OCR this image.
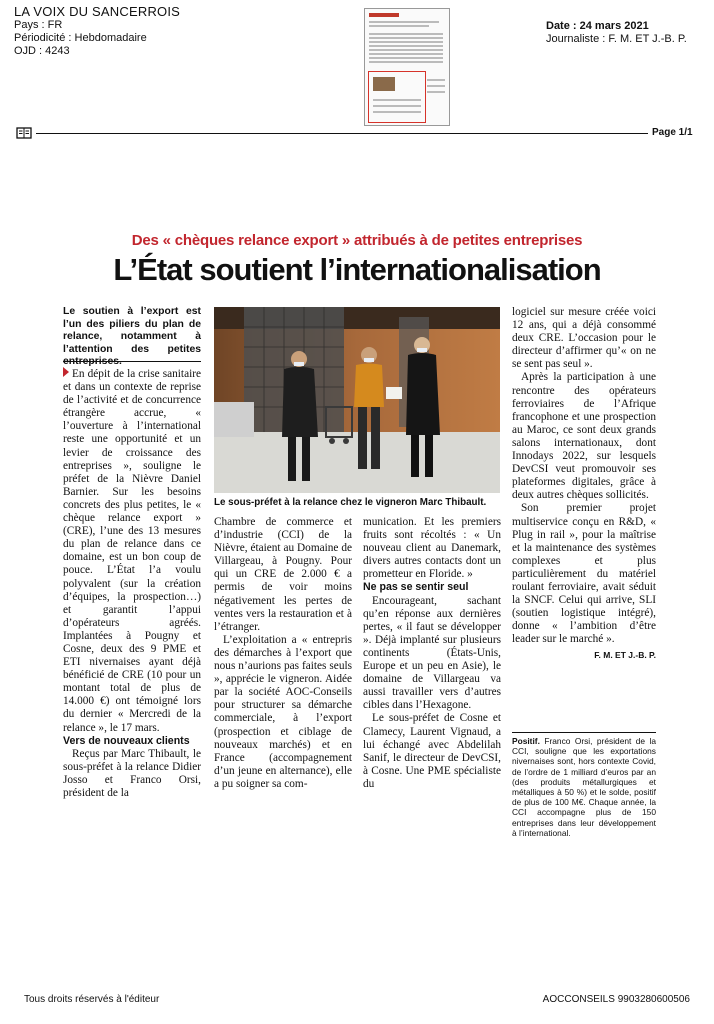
LA VOIX DU SANCERROIS
Pays : FR
Périodicité : Hebdomadaire
OJD : 4243
Date : 24 mars 2021
Journaliste : F. M. ET J.-B. P.
Page 1/1
Des « chèques relance export » attribués à de petites entreprises
L’État soutient l’internationalisation
Le soutien à l’export est l’un des piliers du plan de relance, notamment à l’attention des petites entreprises.

En dépit de la crise sanitaire et dans un contexte de reprise de l’activité et de concurrence étrangère accrue, « l’ouverture à l’international reste une opportunité et un levier de croissance des entreprises », souligne le préfet de la Nièvre Daniel Barnier. Sur les besoins concrets des plus petites, le « chèque relance export » (CRE), l’une des 13 mesures du plan de relance dans ce domaine, est un bon coup de pouce. L’État l’a voulu polyvalent (sur la création d’équipes, la prospection…) et garantit l’appui d’opérateurs agréés. Implantées à Pougny et Cosne, deux des 9 PME et ETI nivernaises ayant déjà bénéficié de CRE (10 pour un montant total de plus de 14.000 €) ont témoigné lors du dernier « Mercredi de la relance », le 17 mars.

Vers de nouveaux clients

Reçus par Marc Thibault, le sous-préfet à la relance Didier Josso et Franco Orsi, président de la

Le sous-préfet à la relance chez le vigneron Marc Thibault.

Chambre de commerce et d’industrie (CCI) de la Nièvre, étaient au Domaine de Villargeau, à Pougny. Pour qui un CRE de 2.000 € a permis de voir moins négativement les pertes de ventes vers la restauration et à l’étranger.

L’exploitation a « entrepris des démarches à l’export que nous n’aurions pas faites seuls », apprécie le vigneron. Aidée par la société AOC-Conseils pour structurer sa démarche commerciale, à l’export (prospection et ciblage de nouveaux marchés) et en France (accompagnement d’un jeune en alternance), elle a pu soigner sa com-

munication. Et les premiers fruits sont récoltés : « Un nouveau client au Danemark, divers autres contacts dont un prometteur en Floride. »

Ne pas se sentir seul

Encourageant, sachant qu’en réponse aux dernières pertes, « il faut se développer ». Déjà implanté sur plusieurs continents (États-Unis, Europe et un peu en Asie), le domaine de Villargeau va aussi travailler vers d’autres cibles dans l’Hexagone.

Le sous-préfet de Cosne et Clamecy, Laurent Vignaud, a lui échangé avec Abdelilah Sanif, le directeur de DevCSI, à Cosne. Une PME spécialiste du

logiciel sur mesure créée voici 12 ans, qui a déjà consommé deux CRE. L’occasion pour le directeur d’affirmer qu’« on ne se sent pas seul ».

Après la participation à une rencontre des opérateurs ferroviaires de l’Afrique francophone et une prospection au Maroc, ce sont deux grands salons internationaux, dont Innodays 2022, sur lesquels DevCSI veut promouvoir ses plateformes digitales, grâce à deux autres chèques sollicités.

Son premier projet multiservice conçu en R&D, « Plug in rail », pour la maîtrise et la maintenance des systèmes complexes et plus particulièrement du matériel roulant ferroviaire, avait séduit la SNCF. Celui qui arrive, SLI (soutien logistique intégré), donne « l’ambition d’être leader sur le marché ».

F. M. ET J.-B. P.
Positif. Franco Orsi, président de la CCI, souligne que les exportations nivernaises sont, hors contexte Covid, de l’ordre de 1 milliard d’euros par an (des produits métallurgiques et métalliques à 50 %) et le solde, positif de plus de 100 M€. Chaque année, la CCI accompagne plus de 150 entreprises dans leur développement à l’international.
Tous droits réservés à l'éditeur	AOCCONSEILS 9903280600506
